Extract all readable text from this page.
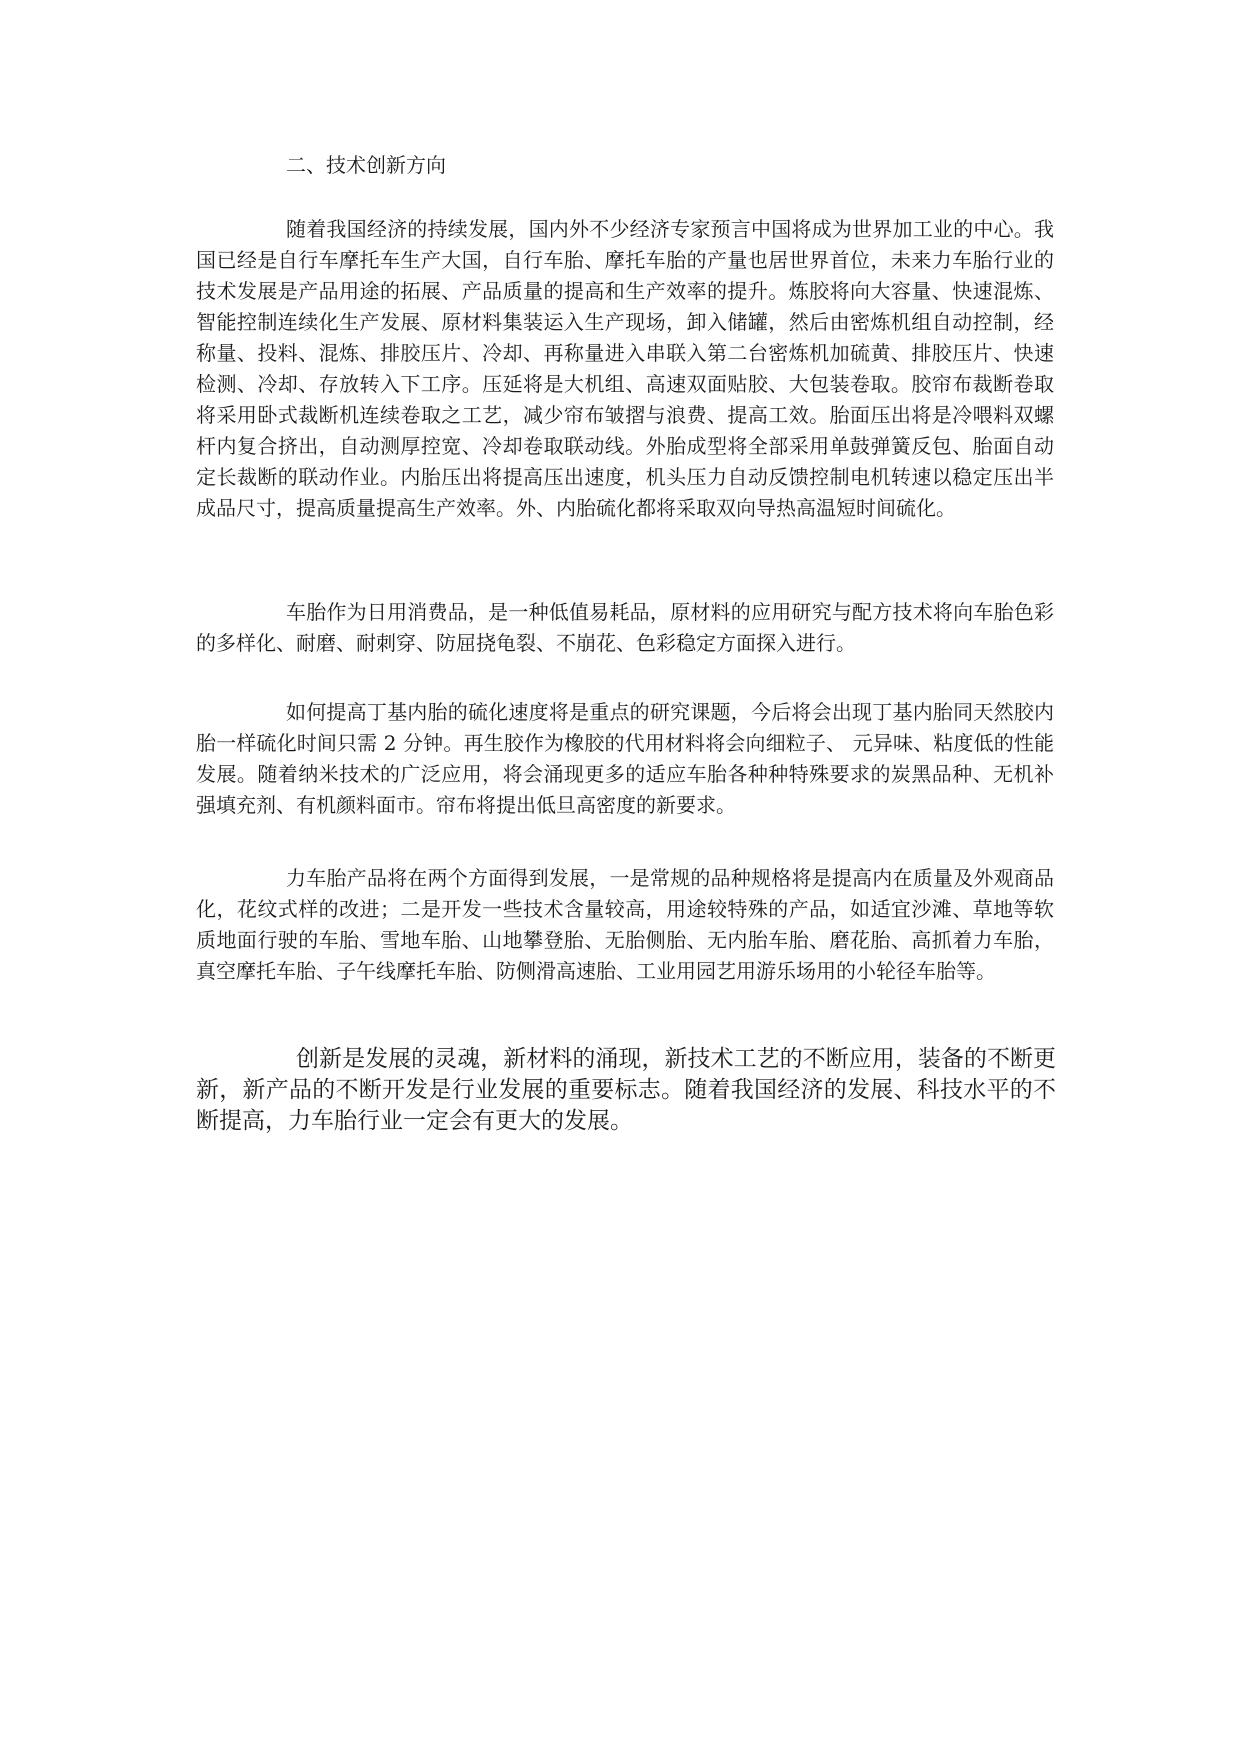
二、技术创新方向

随着我国经济的持续发展，国内外不少经济专家预言中国将成为世界加工业的中心。我国已经是自行车摩托车生产大国，自行车胎、摩托车胎的产量也居世界首位，未来力车胎行业的技术发展是产品用途的拓展、产品质量的提高和生产效率的提升。炼胶将向大容量、快速混炼、智能控制连续化生产发展、原材料集装运入生产现场，卸入储罐，然后由密炼机组自动控制，经称量、投料、混炼、排胶压片、冷却、再称量进入串联入第二台密炼机加硫黄、排胶压片、快速检测、冷却、存放转入下工序。压延将是大机组、高速双面贴胶、大包装卷取。胶帘布裁断卷取将采用卧式裁断机连续卷取之工艺，减少帘布皱摺与浪费、提高工效。胎面压出将是冷喂料双螺杆内复合挤出，自动测厚控宽、冷却卷取联动线。外胎成型将全部采用单鼓弹簧反包、胎面自动定长裁断的联动作业。内胎压出将提高压出速度，机头压力自动反馈控制电机转速以稳定压出半成品尺寸，提高质量提高生产效率。外、内胎硫化都将采取双向导热高温短时间硫化。

车胎作为日用消费品，是一种低值易耗品，原材料的应用研究与配方技术将向车胎色彩的多样化、耐磨、耐刺穿、防屈挠龟裂、不崩花、色彩稳定方面探入进行。

如何提高丁基内胎的硫化速度将是重点的研究课题，今后将会出现丁基内胎同天然胶内胎一样硫化时间只需 2 分钟。再生胶作为橡胶的代用材料将会向细粒子、 元异味、粘度低的性能发展。随着纳米技术的广泛应用，将会涌现更多的适应车胎各种种特殊要求的炭黑品种、无机补强填充剂、有机颜料面市。帘布将提出低旦高密度的新要求。

力车胎产品将在两个方面得到发展，一是常规的品种规格将是提高内在质量及外观商品化，花纹式样的改进；二是开发一些技术含量较高，用途较特殊的产品，如适宜沙滩、草地等软质地面行驶的车胎、雪地车胎、山地攀登胎、无胎侧胎、无内胎车胎、磨花胎、高抓着力车胎，真空摩托车胎、子午线摩托车胎、防侧滑高速胎、工业用园艺用游乐场用的小轮径车胎等。

创新是发展的灵魂，新材料的涌现，新技术工艺的不断应用，装备的不断更新，新产品的不断开发是行业发展的重要标志。随着我国经济的发展、科技水平的不断提高，力车胎行业一定会有更大的发展。
